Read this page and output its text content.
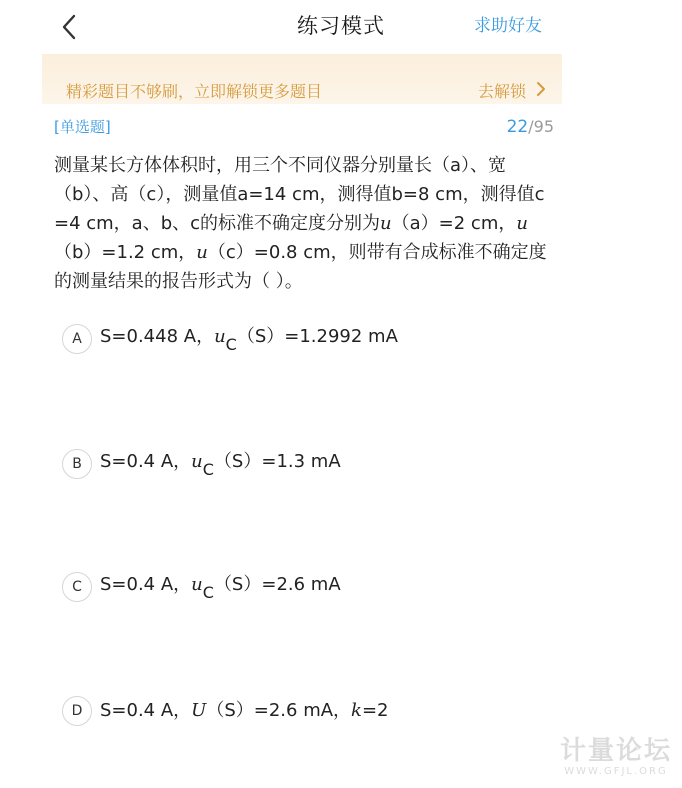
练习模式	求助好友
精彩题目不够刷，立即解锁更多题目	去解锁
[单选题]	22/95
测量某长方体体积时，用三个不同仪器分别量长（a）、宽（b）、高（c），测量值a=14 cm，测得值b=8 cm，测得值c=4 cm，a、b、c的标准不确定度分别为u（a）=2 cm，u（b）=1.2 cm，u（c）=0.8 cm，则带有合成标准不确定度的测量结果的报告形式为（ ）。
A	S=0.448 A，$u_C(S)=1.2992$ mA
B	S=0.4 A，$u_C(S)=1.3$ mA
C	S=0.4 A，$u_C(S)=2.6$ mA
D S=0.4 A，U（S）=2.6 mA，k=2
计量论坛
WWW.GFJL.ORG
